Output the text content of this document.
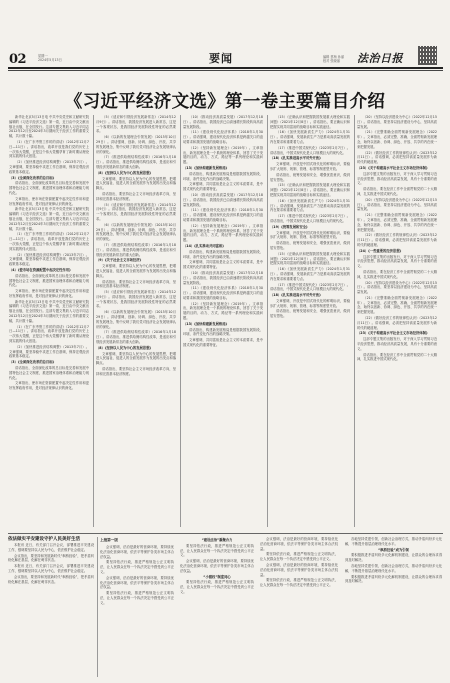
02	星期一
2024年5月13日	要闻	编辑 蔡杨 孙丽
校对 张晓丽	法治日报
《习近平经济文选》第一卷主要篇目介绍

新华社北京5月13日电 中共中央党史和文献研究院编辑的《习近平经济文选》第一卷，近日由中央文献出版社出版，在全国发行。这部专题文集收入习近平同志2012年12月至2024年3月期间关于经济工作的重要文稿，共计数十篇。

（1）《在广东考察工作时的讲话》（2012年12月7日—11日）。讲话指出，改革开放是我们党的历史上一次伟大觉醒，正是这个伟大觉醒孕育了新时期从理论到实践的伟大创造。

（2）《加快推进经济结构调整》（2013年7月）。文章强调，要坚持稳中求进工作总基调，保持宏观经济政策基本稳定。

（3）《全面深化改革的总目标》

讲话指出，全面深化改革的总目标是完善和发展中国特色社会主义制度，推进国家治理体系和治理能力现代化。

文章指出，使市场在资源配置中起决定性作用和更好发挥政府作用，是对经济规律认识的深化。

新华社北京5月13日电 中共中央党史和文献研究院编辑的《习近平经济文选》第一卷，近日由中央文献出版社出版，在全国发行。这部专题文集收入习近平同志2012年12月至2024年3月期间关于经济工作的重要文稿，共计数十篇。

（1）《在广东考察工作时的讲话》（2012年12月7日—11日）。讲话指出，改革开放是我们党的历史上一次伟大觉醒，正是这个伟大觉醒孕育了新时期从理论到实践的伟大创造。

（2）《加快推进经济结构调整》（2013年7月）。文章强调，要坚持稳中求进工作总基调，保持宏观经济政策基本稳定。

（4）《使市场在资源配置中起决定性作用》

讲话指出，全面深化改革的总目标是完善和发展中国特色社会主义制度，推进国家治理体系和治理能力现代化。

文章指出，使市场在资源配置中起决定性作用和更好发挥政府作用，是对经济规律认识的深化。

新华社北京5月13日电 中共中央党史和文献研究院编辑的《习近平经济文选》第一卷，近日由中央文献出版社出版，在全国发行。这部专题文集收入习近平同志2012年12月至2024年3月期间关于经济工作的重要文稿，共计数十篇。

（1）《在广东考察工作时的讲话》（2012年12月7日—11日）。讲话指出，改革开放是我们党的历史上一次伟大觉醒，正是这个伟大觉醒孕育了新时期从理论到实践的伟大创造。

（2）《加快推进经济结构调整》（2013年7月）。文章强调，要坚持稳中求进工作总基调，保持宏观经济政策基本稳定。

（3）《全面深化改革的总目标》

讲话指出，全面深化改革的总目标是完善和发展中国特色社会主义制度，推进国家治理体系和治理能力现代化。

文章指出，使市场在资源配置中起决定性作用和更好发挥政府作用，是对经济规律认识的深化。

（5）《适应和引领经济发展新常态》（2014年12月9日）。讲话指出，我国经济发展进入新常态，这是一个客观状态，是我国经济发展阶段性特征的必然要求。

（6）《以新的发展理念引领发展》（2015年10月29日）。讲话强调，创新、协调、绿色、开放、共享的发展理念，集中反映了我们党对经济社会发展规律认识的深化。

（7）《推进供给侧结构性改革》（2016年1月18日）。讲话指出，推进供给侧结构性改革，是适应和引领经济发展新常态的重大创新。

（8）《坚持以人民为中心的发展思想》

文章强调，要坚持以人民为中心的发展思想，把增进人民福祉、促进人的全面发展作为发展的出发点和落脚点。

讲话指出，要坚持社会主义市场经济改革方向，坚持和完善基本经济制度。

（5）《适应和引领经济发展新常态》（2014年12月9日）。讲话指出，我国经济发展进入新常态，这是一个客观状态，是我国经济发展阶段性特征的必然要求。

（6）《以新的发展理念引领发展》（2015年10月29日）。讲话强调，创新、协调、绿色、开放、共享的发展理念，集中反映了我们党对经济社会发展规律认识的深化。

（7）《推进供给侧结构性改革》（2016年1月18日）。讲话指出，推进供给侧结构性改革，是适应和引领经济发展新常态的重大创新。

（9）《关于社会主义市场经济》

文章强调，要坚持以人民为中心的发展思想，把增进人民福祉、促进人的全面发展作为发展的出发点和落脚点。

讲话指出，要坚持社会主义市场经济改革方向，坚持和完善基本经济制度。

（5）《适应和引领经济发展新常态》（2014年12月9日）。讲话指出，我国经济发展进入新常态，这是一个客观状态，是我国经济发展阶段性特征的必然要求。

（6）《以新的发展理念引领发展》（2015年10月29日）。讲话强调，创新、协调、绿色、开放、共享的发展理念，集中反映了我们党对经济社会发展规律认识的深化。

（7）《推进供给侧结构性改革》（2016年1月18日）。讲话指出，推进供给侧结构性改革，是适应和引领经济发展新常态的重大创新。

（8）《坚持以人民为中心的发展思想》

文章强调，要坚持以人民为中心的发展思想，把增进人民福祉、促进人的全面发展作为发展的出发点和落脚点。

讲话指出，要坚持社会主义市场经济改革方向，坚持和完善基本经济制度。

（10）《推动经济高质量发展》（2017年12月18日）。讲话指出，我国经济已由高速增长阶段转向高质量发展阶段。

（11）《建设现代化经济体系》（2018年1月30日）。讲话强调，建设现代化经济体系是跨越关口的迫切要求和我国发展的战略目标。

（12）《坚持新发展理念》（2019年）。文章指出，新发展理念是一个系统的理论体系，回答了关于发展的目的、动力、方式、路径等一系列理论和实践问题。

（13）《加快构建新发展格局》

讲话指出，构建新发展格局是根据我国发展阶段、环境、条件变化作出的战略决策。

文章强调，共同富裕是社会主义的本质要求，是中国式现代化的重要特征。

（10）《推动经济高质量发展》（2017年12月18日）。讲话指出，我国经济已由高速增长阶段转向高质量发展阶段。

（11）《建设现代化经济体系》（2018年1月30日）。讲话强调，建设现代化经济体系是跨越关口的迫切要求和我国发展的战略目标。

（12）《坚持新发展理念》（2019年）。文章指出，新发展理念是一个系统的理论体系，回答了关于发展的目的、动力、方式、路径等一系列理论和实践问题。

（14）《扎实推动共同富裕》

讲话指出，构建新发展格局是根据我国发展阶段、环境、条件变化作出的战略决策。

文章强调，共同富裕是社会主义的本质要求，是中国式现代化的重要特征。

（10）《推动经济高质量发展》（2017年12月18日）。讲话指出，我国经济已由高速增长阶段转向高质量发展阶段。

（11）《建设现代化经济体系》（2018年1月30日）。讲话强调，建设现代化经济体系是跨越关口的迫切要求和我国发展的战略目标。

（12）《坚持新发展理念》（2019年）。文章指出，新发展理念是一个系统的理论体系，回答了关于发展的目的、动力、方式、路径等一系列理论和实践问题。

（13）《加快构建新发展格局》

讲话指出，构建新发展格局是根据我国发展阶段、环境、条件变化作出的战略决策。

文章强调，共同富裕是社会主义的本质要求，是中国式现代化的重要特征。

（15）《正确认识和把握我国发展重大理论和实践问题》（2021年12月8日）。讲话指出，要正确认识和把握实现共同富裕的战略目标和实践途径。

（16）《加快发展新质生产力》（2024年1月31日）。讲话强调，发展新质生产力是推动高质量发展的内在要求和重要着力点。

（17）《推进中国式现代化》（2023年2月7日）。讲话指出，中国式现代化是人口规模巨大的现代化。

（18）《扎实推进高水平对外开放》

文章强调，开放是中国式现代化的鲜明标识，要稳步扩大规则、规制、管理、标准等制度型开放。

讲话指出，统筹发展和安全，增强忧患意识，做到居安思危。

（15）《正确认识和把握我国发展重大理论和实践问题》（2021年12月8日）。讲话指出，要正确认识和把握实现共同富裕的战略目标和实践途径。

（16）《加快发展新质生产力》（2024年1月31日）。讲话强调，发展新质生产力是推动高质量发展的内在要求和重要着力点。

（17）《推进中国式现代化》（2023年2月7日）。讲话指出，中国式现代化是人口规模巨大的现代化。

（19）《统筹发展和安全》

文章强调，开放是中国式现代化的鲜明标识，要稳步扩大规则、规制、管理、标准等制度型开放。

讲话指出，统筹发展和安全，增强忧患意识，做到居安思危。

（15）《正确认识和把握我国发展重大理论和实践问题》（2021年12月8日）。讲话指出，要正确认识和把握实现共同富裕的战略目标和实践途径。

（16）《加快发展新质生产力》（2024年1月31日）。讲话强调，发展新质生产力是推动高质量发展的内在要求和重要着力点。

（17）《推进中国式现代化》（2023年2月7日）。讲话指出，中国式现代化是人口规模巨大的现代化。

（18）《扎实推进高水平对外开放》

文章强调，开放是中国式现代化的鲜明标识，要稳步扩大规则、规制、管理、标准等制度型开放。

讲话指出，统筹发展和安全，增强忧患意识，做到居安思危。

（20）《坚持以经济建设为中心》（2022年12月15日）。讲话指出，要坚持以经济建设为中心，坚持高质量发展。

（21）《完整准确全面贯彻新发展理念》（2022年）。文章指出，必须完整、准确、全面贯彻新发展理念，始终以创新、协调、绿色、开放、共享的内在统一来把握发展。

（22）《做好经济工作的规律性认识》（2023年12月11日）。讲话强调，必须把坚持高质量发展作为新时代的硬道理。

（23）《关于构建高水平社会主义市场经济体制》

这部专题文集的出版发行，对于深入学习贯彻习近平经济思想，推动经济高质量发展，具有十分重要的意义。

讲话指出，要在经济工作中全面贯彻党的二十大精神，扎实推进中国式现代化。

（20）《坚持以经济建设为中心》（2022年12月15日）。讲话指出，要坚持以经济建设为中心，坚持高质量发展。

（21）《完整准确全面贯彻新发展理念》（2022年）。文章指出，必须完整、准确、全面贯彻新发展理念，始终以创新、协调、绿色、开放、共享的内在统一来把握发展。

（22）《做好经济工作的规律性认识》（2023年12月11日）。讲话强调，必须把坚持高质量发展作为新时代的硬道理。

（24）《一些重要的经济思想》

这部专题文集的出版发行，对于深入学习贯彻习近平经济思想，推动经济高质量发展，具有十分重要的意义。

讲话指出，要在经济工作中全面贯彻党的二十大精神，扎实推进中国式现代化。

（20）《坚持以经济建设为中心》（2022年12月15日）。讲话指出，要坚持以经济建设为中心，坚持高质量发展。

（21）《完整准确全面贯彻新发展理念》（2022年）。文章指出，必须完整、准确、全面贯彻新发展理念，始终以创新、协调、绿色、开放、共享的内在统一来把握发展。

（22）《做好经济工作的规律性认识》（2023年12月11日）。讲话强调，必须把坚持高质量发展作为新时代的硬道理。

（23）《关于构建高水平社会主义市场经济体制》

这部专题文集的出版发行，对于深入学习贯彻习近平经济思想，推动经济高质量发展，具有十分重要的意义。

讲话指出，要在经济工作中全面贯彻党的二十大精神，扎实推进中国式现代化。

依法做实平安建设守护人民美好生活

本报讯 近日，有关部门召开会议，部署推进平安建设工作，强调要坚持以人民为中心，依法维护社会稳定。

会议指出，要坚持和发展新时代“枫桥经验”，把矛盾纠纷化解在基层，化解在萌芽状态。

本报讯 近日，有关部门召开会议，部署推进平安建设工作，强调要坚持以人民为中心，依法维护社会稳定。

会议指出，要坚持和发展新时代“枫桥经验”，把矛盾纠纷化解在基层，化解在萌芽状态。

上接第一版

会议强调，法治是最好的营商环境，要持续优化法治化营商环境，依法平等保护各类市场主体合法权益。

要坚持依法行政，推进严格规范公正文明执法，让人民群众在每一个执法决定中感受到公平正义。

会议强调，法治是最好的营商环境，要持续优化法治化营商环境，依法平等保护各类市场主体合法权益。

要坚持依法行政，推进严格规范公正文明执法，让人民群众在每一个执法决定中感受到公平正义。

“建设法治”凝聚合力

要坚持依法行政，推进严格规范公正文明执法，让人民群众在每一个执法决定中感受到公平正义。

会议强调，法治是最好的营商环境，要持续优化法治化营商环境，依法平等保护各类市场主体合法权益。

“小微权”制度同心

要坚持依法行政，推进严格规范公正文明执法，让人民群众在每一个执法决定中感受到公平正义。

会议强调，法治是最好的营商环境，要持续优化法治化营商环境，依法平等保护各类市场主体合法权益。

要坚持依法行政，推进严格规范公正文明执法，让人民群众在每一个执法决定中感受到公平正义。

会议强调，法治是最好的营商环境，要持续优化法治化营商环境，依法平等保护各类市场主体合法权益。

要坚持依法行政，推进严格规范公正文明执法，让人民群众在每一个执法决定中感受到公平正义。

各地坚持党建引领，创新社会治理方式，推动矛盾纠纷多元化解，不断提升基层治理现代化水平。

“枫桥经验”成为引领

要积极推进矛盾纠纷多元化解机制建设，让群众的合理诉求得到及时解决。

各地坚持党建引领，创新社会治理方式，推动矛盾纠纷多元化解，不断提升基层治理现代化水平。

要积极推进矛盾纠纷多元化解机制建设，让群众的合理诉求得到及时解决。
